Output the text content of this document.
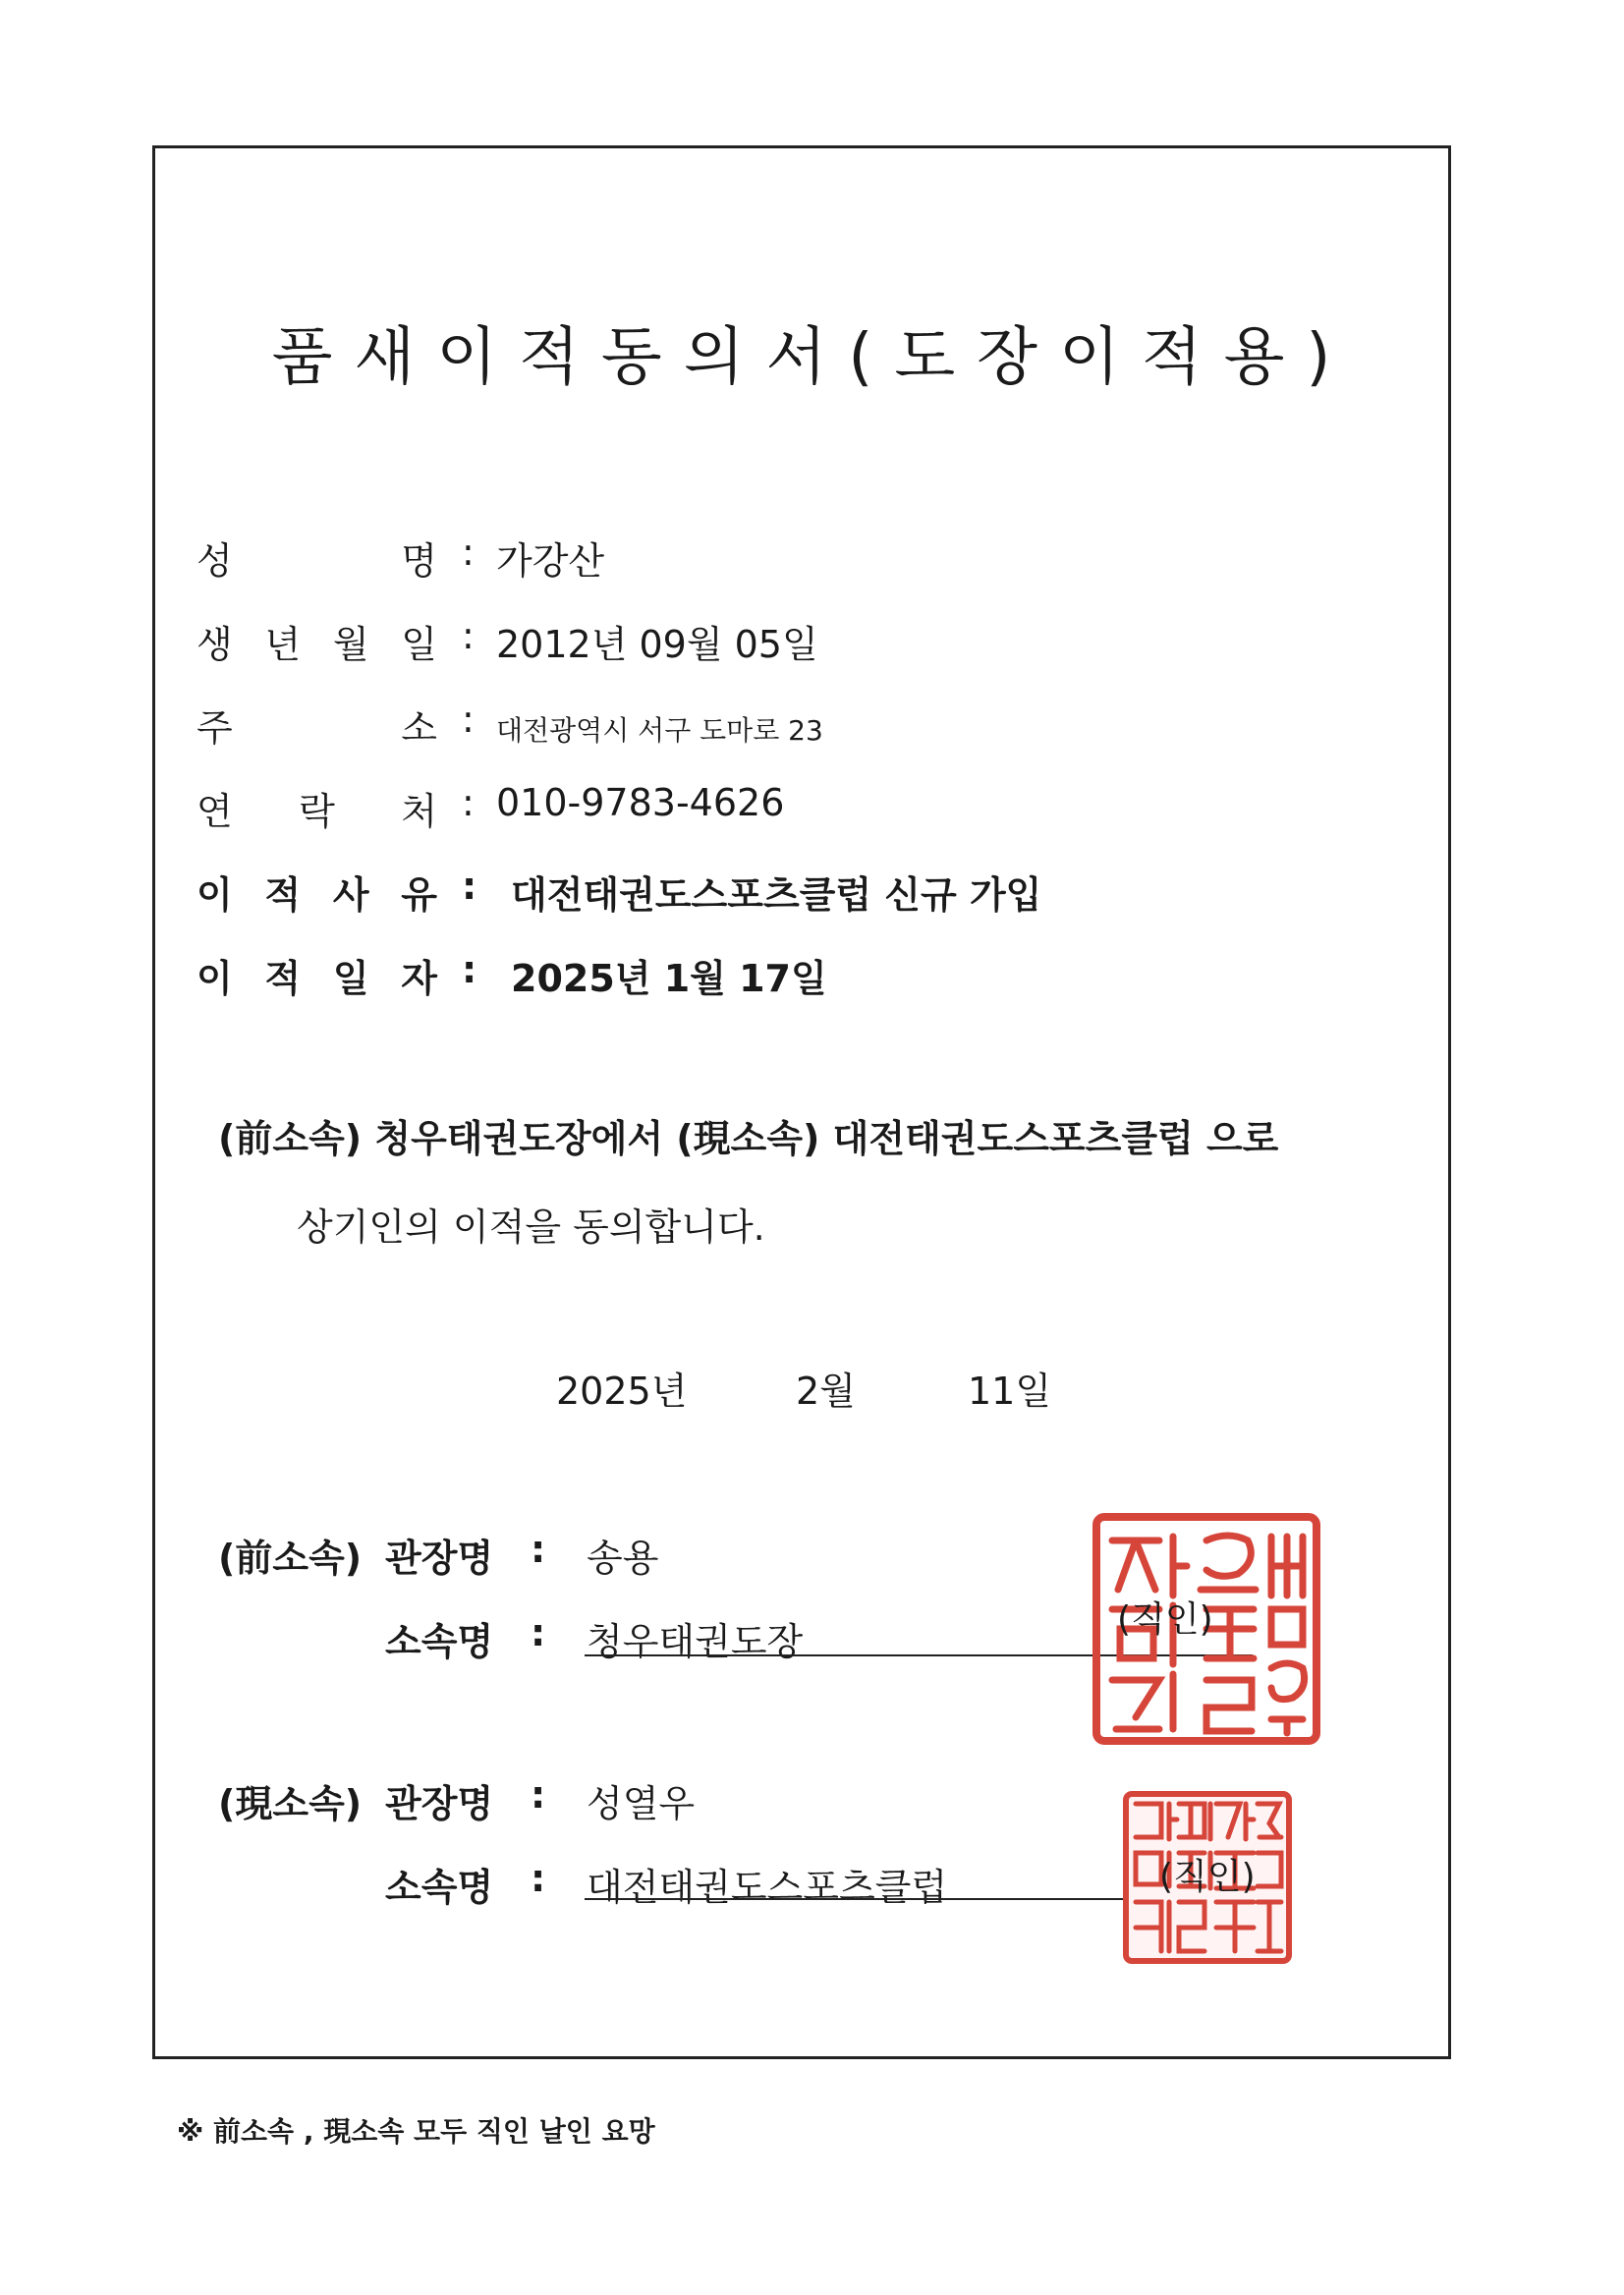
품새이적동의서(도장이적용)
성	명 : 가강산
생 년 월 일 : 2012년 09월 05일
주	소 : 대전광역시 서구 도마로 23
연 락 처 : 010-9783-4626
이 적 사 유 : 대전태권도스포츠클럽 신규 가입
이 적 일 자 : 2025년 1월 17일
(前소속) 청우태권도장에서 (現소속) 대전태권도스포츠클럽 으로
상기인의 이적을 동의합니다.
2025년	2월	11일
(前소속) 관장명 : 송용
소속명 : 청우태권도장
(직인)
(現소속) 관장명 : 성열우
소속명 : 대전태권도스포츠클럽	(직인)
※ 前소속 , 現소속 모두 직인 날인 요망
